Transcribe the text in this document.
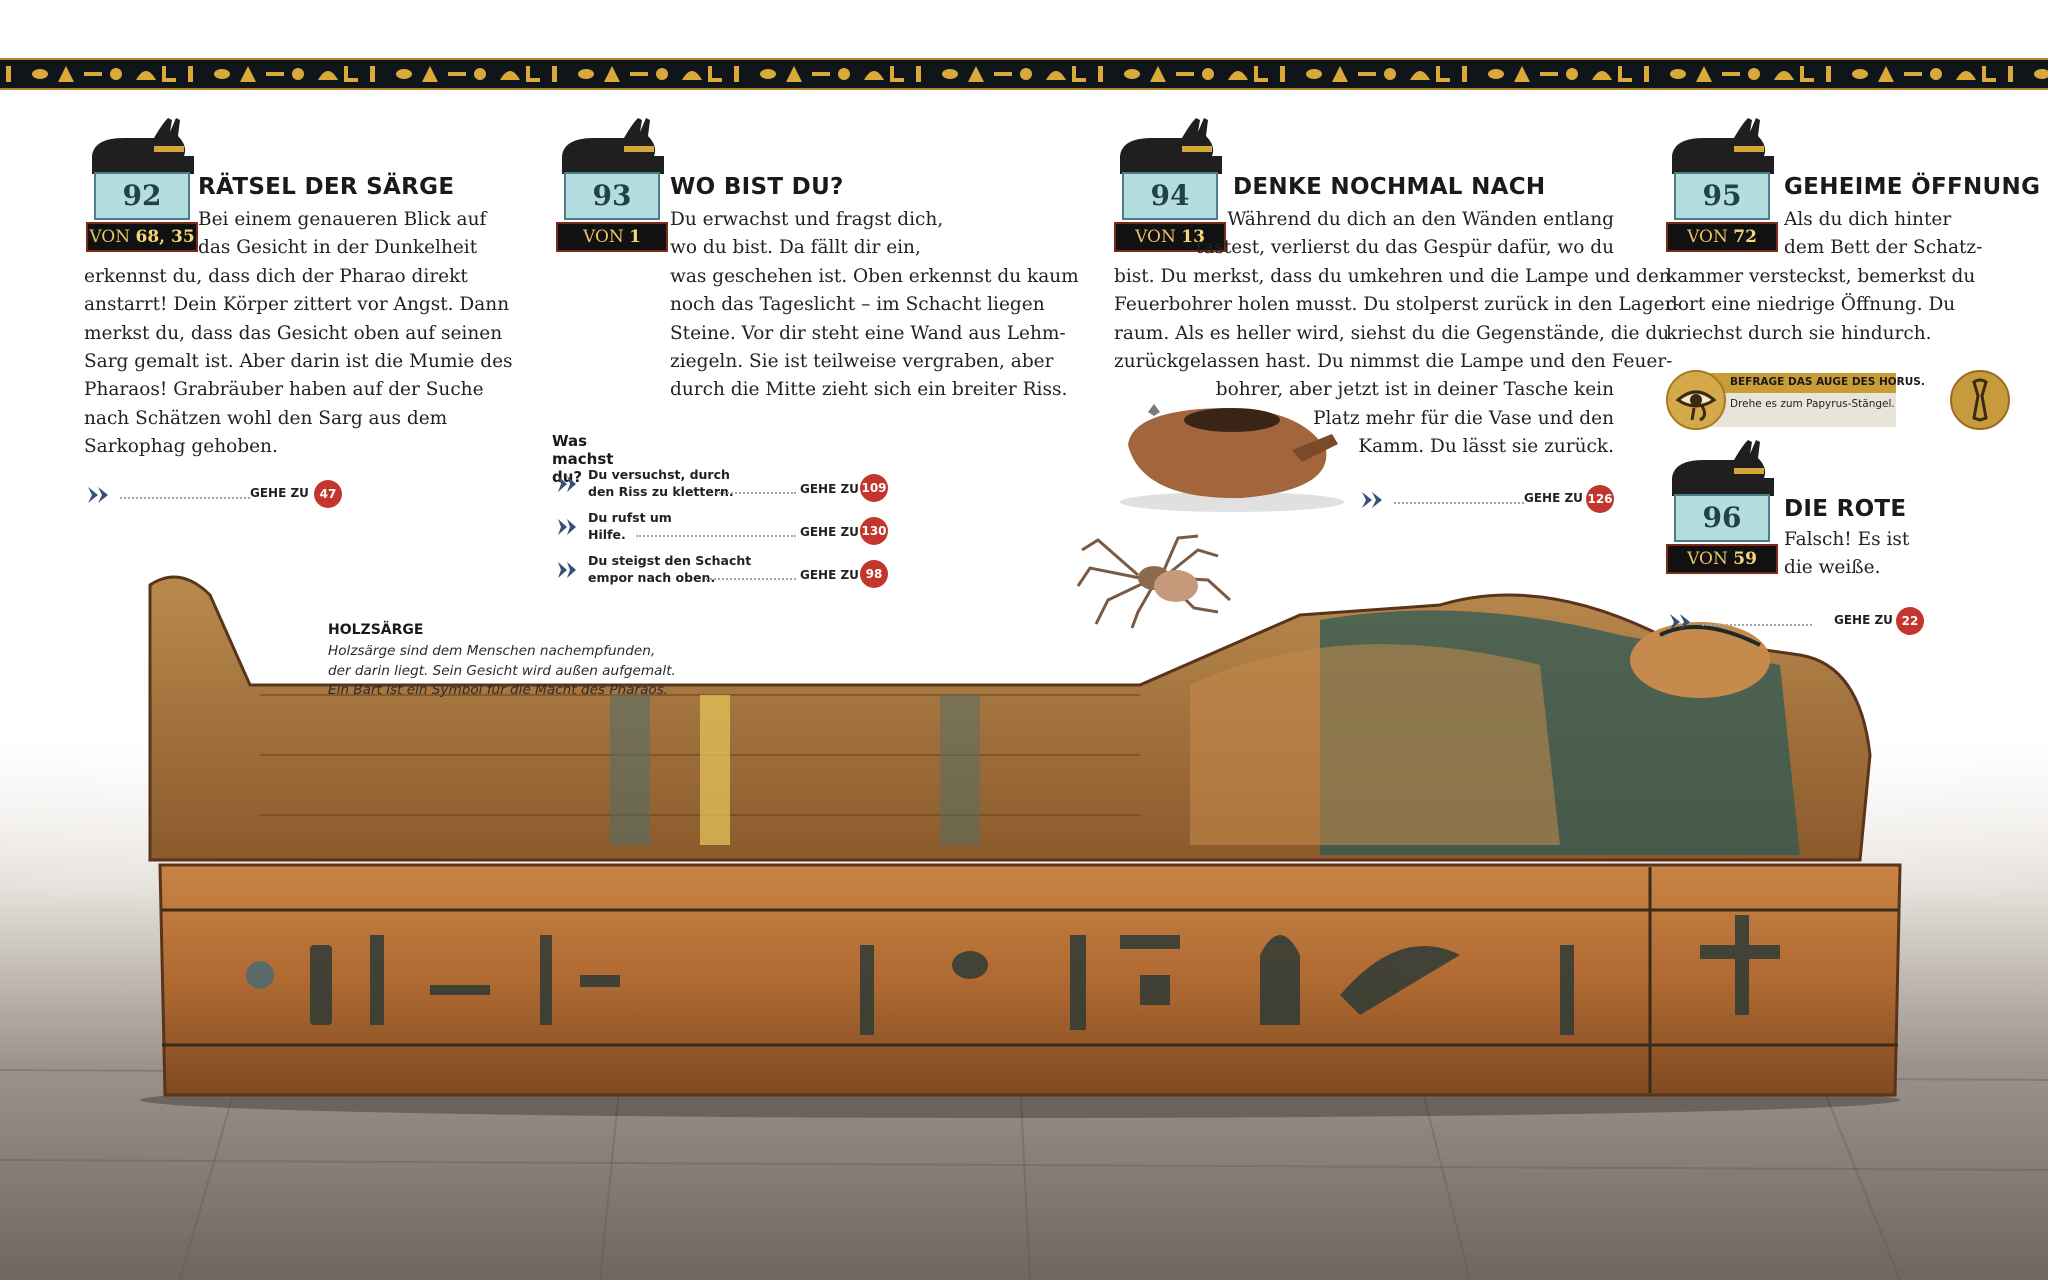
92
VON 68, 35
RÄTSEL DER SÄRGE
Bei einem genaueren Blick auf
das Gesicht in der Dunkelheit
erkennst du, dass dich der Pharao direkt
anstarrt! Dein Körper zittert vor Angst. Dann
merkst du, dass das Gesicht oben auf seinen
Sarg gemalt ist. Aber darin ist die Mumie des
Pharaos! Grabräuber haben auf der Suche
nach Schätzen wohl den Sarg aus dem
Sarkophag gehoben.
GEHE ZU 47
93
VON 1
WO BIST DU?
Du erwachst und fragst dich,
wo du bist. Da fällt dir ein,
was geschehen ist. Oben erkennst du kaum
noch das Tageslicht – im Schacht liegen
Steine. Vor dir steht eine Wand aus Lehm-
ziegeln. Sie ist teilweise vergraben, aber
durch die Mitte zieht sich ein breiter Riss.
Was machst du? Du versuchst, durch
den Riss zu klettern.	GEHE ZU 109
Du rufst um
Hilfe.	GEHE ZU 130
Du steigst den Schacht
empor nach oben.	GEHE ZU 98
94
VON 13
DENKE NOCHMAL NACH
Während du dich an den Wänden entlang
tastest, verlierst du das Gespür dafür, wo du
bist. Du merkst, dass du umkehren und die Lampe und den
Feuerbohrer holen musst. Du stolperst zurück in den Lager-
raum. Als es heller wird, siehst du die Gegenstände, die du
zurückgelassen hast. Du nimmst die Lampe und den Feuer-
bohrer, aber jetzt ist in deiner Tasche kein
Platz mehr für die Vase und den
Kamm. Du lässt sie zurück.
GEHE ZU 126
95
VON 72
GEHEIME ÖFFNUNG
Als du dich hinter
dem Bett der Schatz-
kammer versteckst, bemerkst du
dort eine niedrige Öffnung. Du
kriechst durch sie hindurch.
BEFRAGE DAS AUGE DES HORUS.
Drehe es zum Papyrus-Stängel.
96
VON 59
DIE ROTE
Falsch! Es ist
die weiße.
GEHE ZU 22
HOLZSÄRGE
Holzsärge sind dem Menschen nachempfunden,
der darin liegt. Sein Gesicht wird außen aufgemalt.
Ein Bart ist ein Symbol für die Macht des Pharaos.
